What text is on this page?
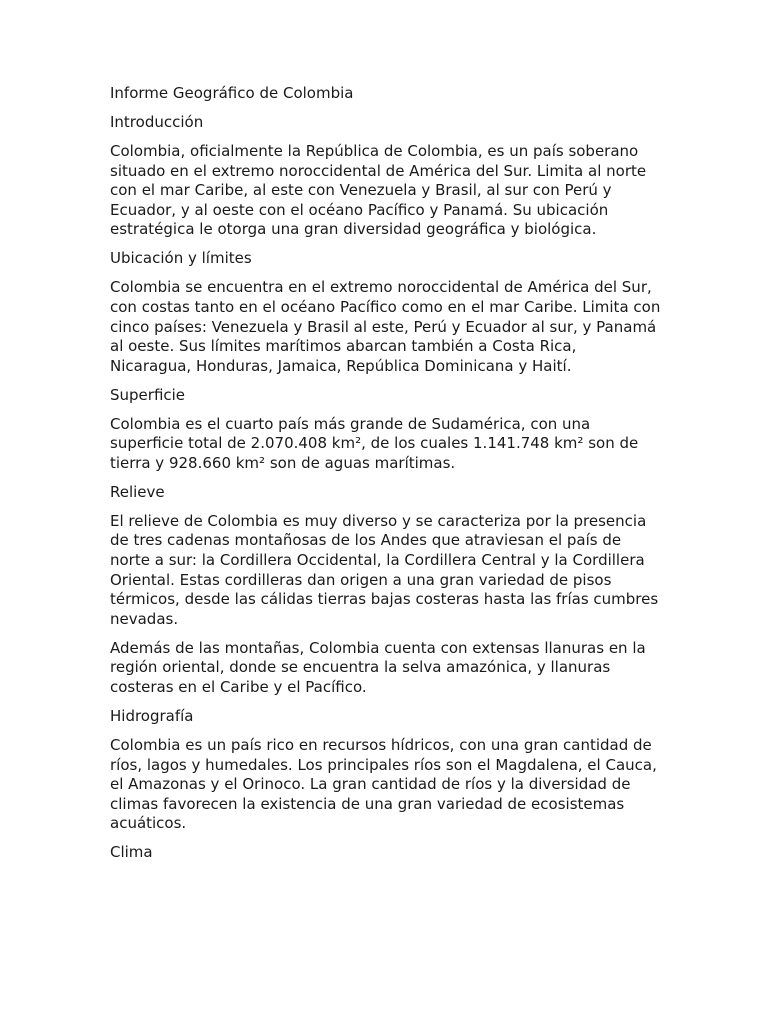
Informe Geográfico de Colombia

Introducción

Colombia, oficialmente la República de Colombia, es un país soberano situado en el extremo noroccidental de América del Sur. Limita al norte con el mar Caribe, al este con Venezuela y Brasil, al sur con Perú y Ecuador, y al oeste con el océano Pacífico y Panamá. Su ubicación estratégica le otorga una gran diversidad geográfica y biológica.

Ubicación y límites

Colombia se encuentra en el extremo noroccidental de América del Sur, con costas tanto en el océano Pacífico como en el mar Caribe. Limita con cinco países: Venezuela y Brasil al este, Perú y Ecuador al sur, y Panamá al oeste. Sus límites marítimos abarcan también a Costa Rica, Nicaragua, Honduras, Jamaica, República Dominicana y Haití.

Superficie

Colombia es el cuarto país más grande de Sudamérica, con una superficie total de 2.070.408 km², de los cuales 1.141.748 km² son de tierra y 928.660 km² son de aguas marítimas.

Relieve

El relieve de Colombia es muy diverso y se caracteriza por la presencia de tres cadenas montañosas de los Andes que atraviesan el país de norte a sur: la Cordillera Occidental, la Cordillera Central y la Cordillera Oriental. Estas cordilleras dan origen a una gran variedad de pisos térmicos, desde las cálidas tierras bajas costeras hasta las frías cumbres nevadas.

Además de las montañas, Colombia cuenta con extensas llanuras en la región oriental, donde se encuentra la selva amazónica, y llanuras costeras en el Caribe y el Pacífico.

Hidrografía

Colombia es un país rico en recursos hídricos, con una gran cantidad de ríos, lagos y humedales. Los principales ríos son el Magdalena, el Cauca, el Amazonas y el Orinoco. La gran cantidad de ríos y la diversidad de climas favorecen la existencia de una gran variedad de ecosistemas acuáticos.

Clima
